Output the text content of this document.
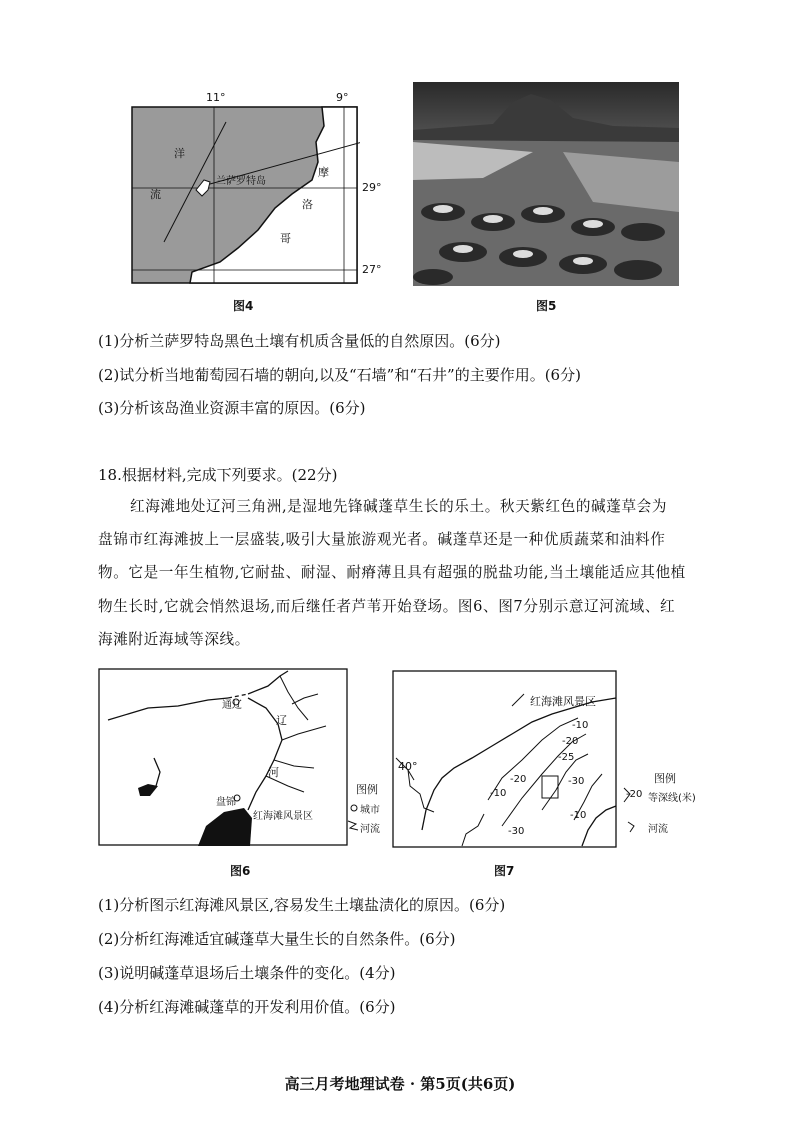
11°	9°
29°
27°
洋
流
兰萨罗特岛
摩
洛
哥
图4	图5
(1)分析兰萨罗特岛黑色土壤有机质含量低的自然原因。(6分)
(2)试分析当地葡萄园石墙的朝向,以及“石墙”和“石井”的主要作用。(6分)
(3)分析该岛渔业资源丰富的原因。(6分)
18.根据材料,完成下列要求。(22分)
红海滩地处辽河三角洲,是湿地先锋碱蓬草生长的乐土。秋天紫红色的碱蓬草会为
盘锦市红海滩披上一层盛装,吸引大量旅游观光者。碱蓬草还是一种优质蔬菜和油料作
物。它是一年生植物,它耐盐、耐湿、耐瘠薄且具有超强的脱盐功能,当土壤能适应其他植
物生长时,它就会悄然退场,而后继任者芦苇开始登场。图6、图7分别示意辽河流域、红
海滩附近海域等深线。
通辽
辽
河
盘锦
红海滩风景区
图例
城市
河流
图6
红海滩风景区
40°
-10
-20
-25
-20
-10
-30
-10
-30
图例
-20 等深线(米)
河流
图7
(1)分析图示红海滩风景区,容易发生土壤盐渍化的原因。(6分)
(2)分析红海滩适宜碱蓬草大量生长的自然条件。(6分)
(3)说明碱蓬草退场后土壤条件的变化。(4分)
(4)分析红海滩碱蓬草的开发利用价值。(6分)
高三月考地理试卷 · 第5页(共6页)
